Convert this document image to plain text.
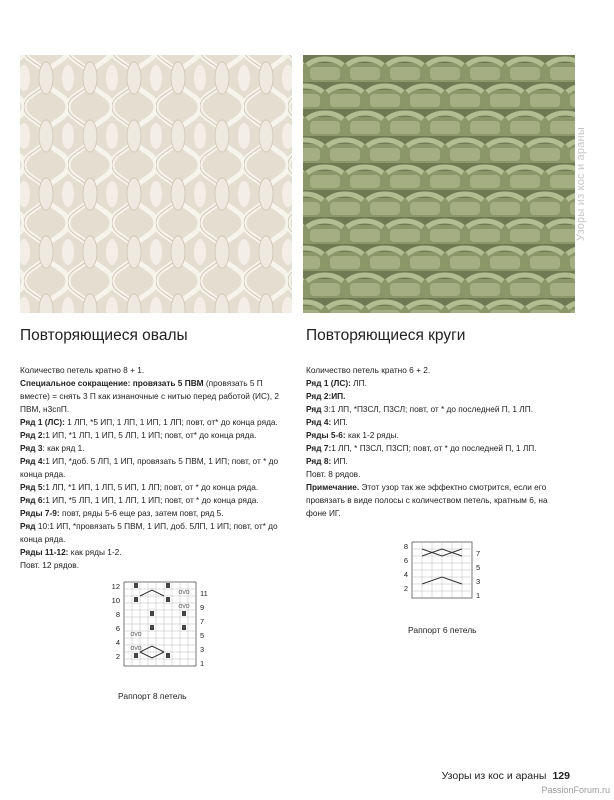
Узоры из кос и араны
Повторяющиеся овалы	Повторяющиеся круги

Количество петель кратно 8 + 1.

Специальное сокращение: провязать 5 ПВМ (провязать 5 П вместе) = снять 3 П как изнаночные с нитью перед работой (ИС), 2 ПВМ, н3спП.

Ряд 1 (ЛС): 1 ЛП, *5 ИП, 1 ЛП, 1 ИП, 1 ЛП; повт, от* до конца ряда.

Ряд 2:1 ИП, *1 ЛП, 1 ИП, 5 ЛП, 1 ИП; повт, от* до конца ряда.

Ряд 3: как ряд 1.

Ряд 4:1 ИП, *доб. 5 ЛП, 1 ИП, провязать 5 ПВМ, 1 ИП; повт, от * до конца ряда.

Ряд 5:1 ЛП, *1 ИП, 1 ЛП, 5 ИП, 1 ЛП; повт, от * до конца ряда.

Ряд 6:1 ИП, *5 ЛП, 1 ИП, 1 ЛП, 1 ИП; повт, от * до конца ряда.

Ряды 7-9: повт, ряды 5-6 еще раз, затем повт, ряд 5.

Ряд 10:1 ИП, *провязать 5 ПВМ, 1 ИП, доб. 5ЛП, 1 ИП; повт, от* до конца ряда.

Ряды 11-12: как ряды 1-2.

Повт. 12 рядов.

Количество петель кратно 6 + 2.

Ряд 1 (ЛС): ЛП.

Ряд 2:ИП.

Ряд 3:1 ЛП, *П3СЛ, П3СЛ; повт, от * до последней П, 1 ЛП.

Ряд 4: ИП.

Ряды 5-6: как 1-2 ряды.

Ряд 7:1 ЛП, * П3СЛ, П3СП; повт, от * до последней П, 1 ЛП.

Ряд 8: ИП.

Повт. 8 рядов.

Примечание. Этот узор так же эффектно смотрится, если его провязать в виде полосы с количеством петель, кратным 6, на фоне ИГ.

OVO
OVO
OVO
OVO
12
10
8
6
4
2
11
9
7
5
3
1
Раппорт 8 петель
8
6
4
2
7
5
3
1
Раппорт 6 петель
Узоры из кос и араны 129
PassionForum.ru
